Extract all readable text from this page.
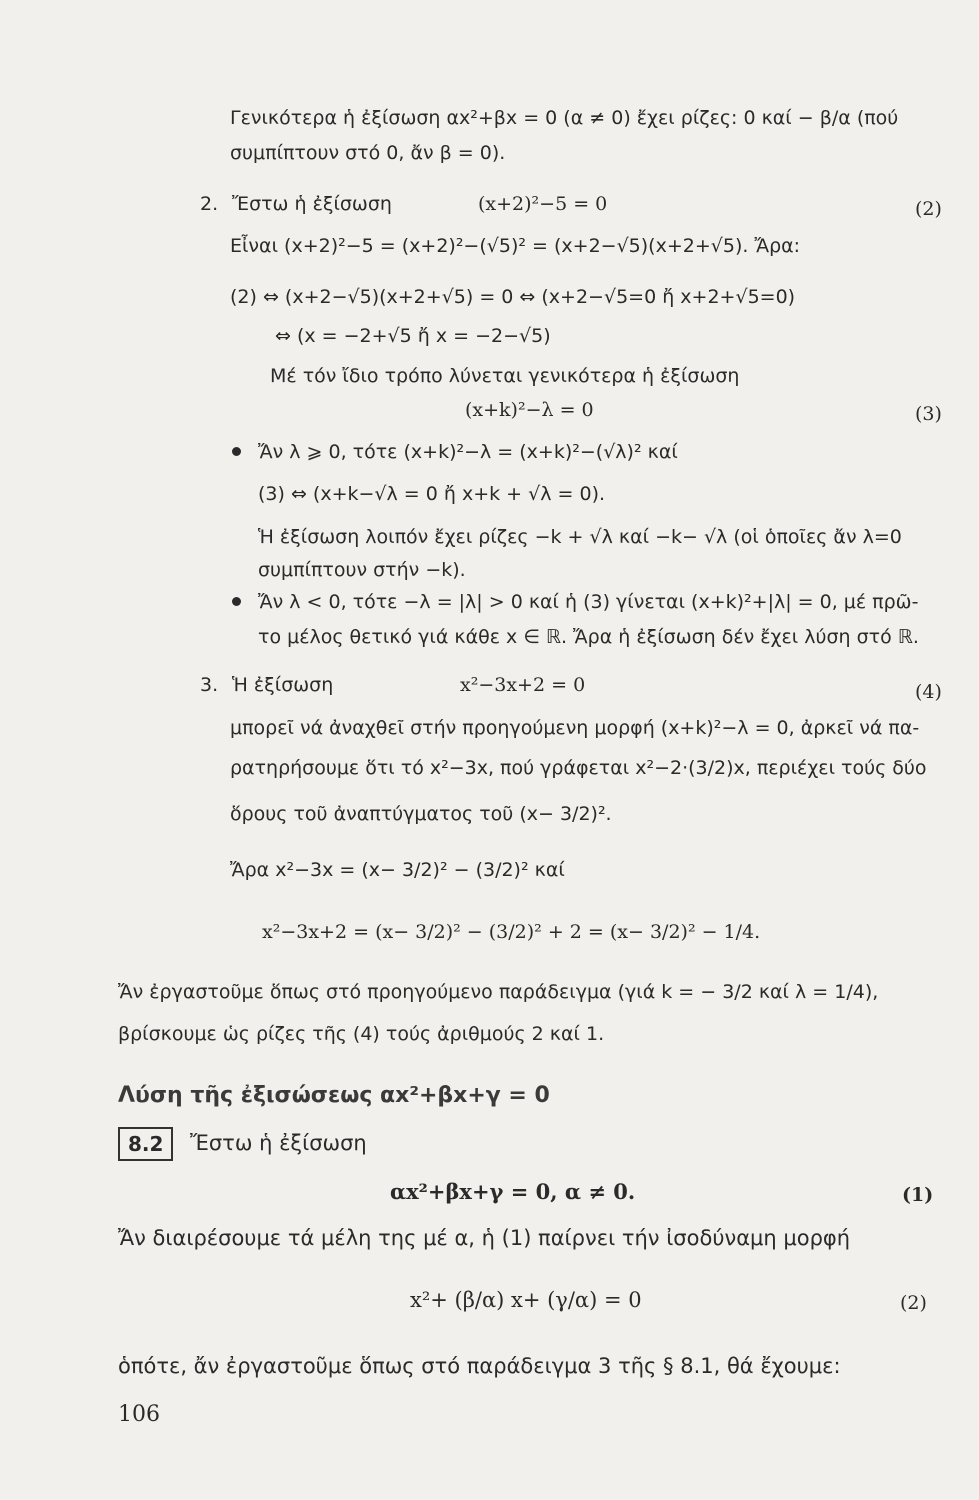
Γενικότερα ἡ ἐξίσωση αx²+βx = 0 (α ≠ 0) ἔχει ρίζες: 0 καί − β/α (πού
συμπίπτουν στό 0, ἄν β = 0).
2. Ἔστω ἡ ἐξίσωση	(x+2)²−5 = 0	(2)
Εἶναι (x+2)²−5 = (x+2)²−(√5)² = (x+2−√5)(x+2+√5). Ἄρα:
(2) ⇔ (x+2−√5)(x+2+√5) = 0 ⇔ (x+2−√5=0 ἤ x+2+√5=0)
⇔ (x = −2+√5 ἤ x = −2−√5)
Μέ τόν ἴδιο τρόπο λύνεται γενικότερα ἡ ἐξίσωση
(x+k)²−λ = 0	(3)
Ἄν λ ⩾ 0, τότε (x+k)²−λ = (x+k)²−(√λ)² καί
(3) ⇔ (x+k−√λ = 0 ἤ x+k + √λ = 0).
Ἡ ἐξίσωση λοιπόν ἔχει ρίζες −k + √λ καί −k− √λ (οἱ ὁποῖες ἄν λ=0
συμπίπτουν στήν −k).
Ἄν λ < 0, τότε −λ = |λ| > 0 καί ἡ (3) γίνεται (x+k)²+|λ| = 0, μέ πρῶ-
το μέλος θετικό γιά κάθε x ∈ ℝ. Ἄρα ἡ ἐξίσωση δέν ἔχει λύση στό ℝ.
3. Ἡ ἐξίσωση	x²−3x+2 = 0	(4)
μπορεῖ νά ἀναχθεῖ στήν προηγούμενη μορφή (x+k)²−λ = 0, ἀρκεῖ νά πα-
ρατηρήσουμε ὅτι τό x²−3x, πού γράφεται x²−2·(3/2)x, περιέχει τούς δύο
ὅρους τοῦ ἀναπτύγματος τοῦ (x− 3/2)².
Ἄρα x²−3x = (x− 3/2)² − (3/2)² καί
x²−3x+2 = (x− 3/2)² − (3/2)² + 2 = (x− 3/2)² − 1/4.
Ἄν ἐργαστοῦμε ὅπως στό προηγούμενο παράδειγμα (γιά k = − 3/2 καί λ = 1/4),
βρίσκουμε ὡς ρίζες τῆς (4) τούς ἀριθμούς 2 καί 1.
Λύση τῆς ἐξισώσεως αx²+βx+γ = 0
8.2	Ἔστω ἡ ἐξίσωση
αx²+βx+γ = 0, α ≠ 0.	(1)
Ἄν διαιρέσουμε τά μέλη της μέ α, ἡ (1) παίρνει τήν ἰσοδύναμη μορφή
x²+ (β/α) x+ (γ/α) = 0	(2)
ὁπότε, ἄν ἐργαστοῦμε ὅπως στό παράδειγμα 3 τῆς § 8.1, θά ἔχουμε:
106
